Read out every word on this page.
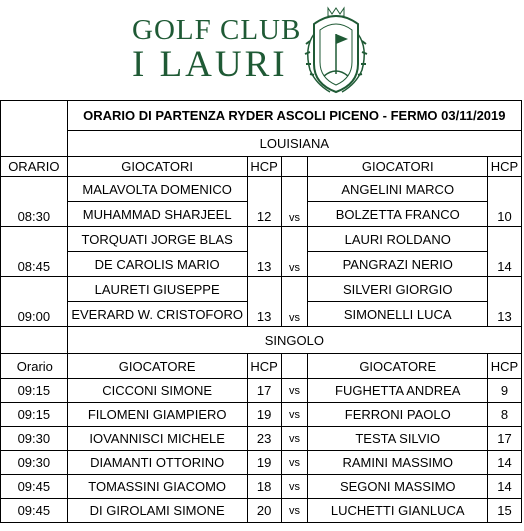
GOLF CLUB
I LAURI
	ORARIO DI PARTENZA RYDER ASCOLI PICENO - FERMO 03/11/2019					
	LOUISIANA					
ORARIO	GIOCATORI	HCP		GIOCATORI	HCP	
08:30	MALAVOLTA DOMENICO	12	vs	ANGELINI MARCO	10	
	MUHAMMAD SHARJEEL			BOLZETTA FRANCO		
08:45	TORQUATI JORGE BLAS	13	vs	LAURI ROLDANO	14	
	DE CAROLIS MARIO			PANGRAZI NERIO		
09:00	LAURETI GIUSEPPE	13	vs	SILVERI GIORGIO	13	
	EVERARD W. CRISTOFORO			SIMONELLI LUCA		
	SINGOLO					
Orario	GIOCATORE	HCP		GIOCATORE	HCP	
09:15	CICCONI SIMONE	17	vs	FUGHETTA ANDREA	9	
09:15	FILOMENI GIAMPIERO	19	vs	FERRONI PAOLO	8	
09:30	IOVANNISCI MICHELE	23	vs	TESTA SILVIO	17	
09:30	DIAMANTI OTTORINO	19	vs	RAMINI MASSIMO	14	
09:45	TOMASSINI GIACOMO	18	vs	SEGONI MASSIMO	14	
09:45	DI GIROLAMI SIMONE	20	vs	LUCHETTI GIANLUCA	15	
